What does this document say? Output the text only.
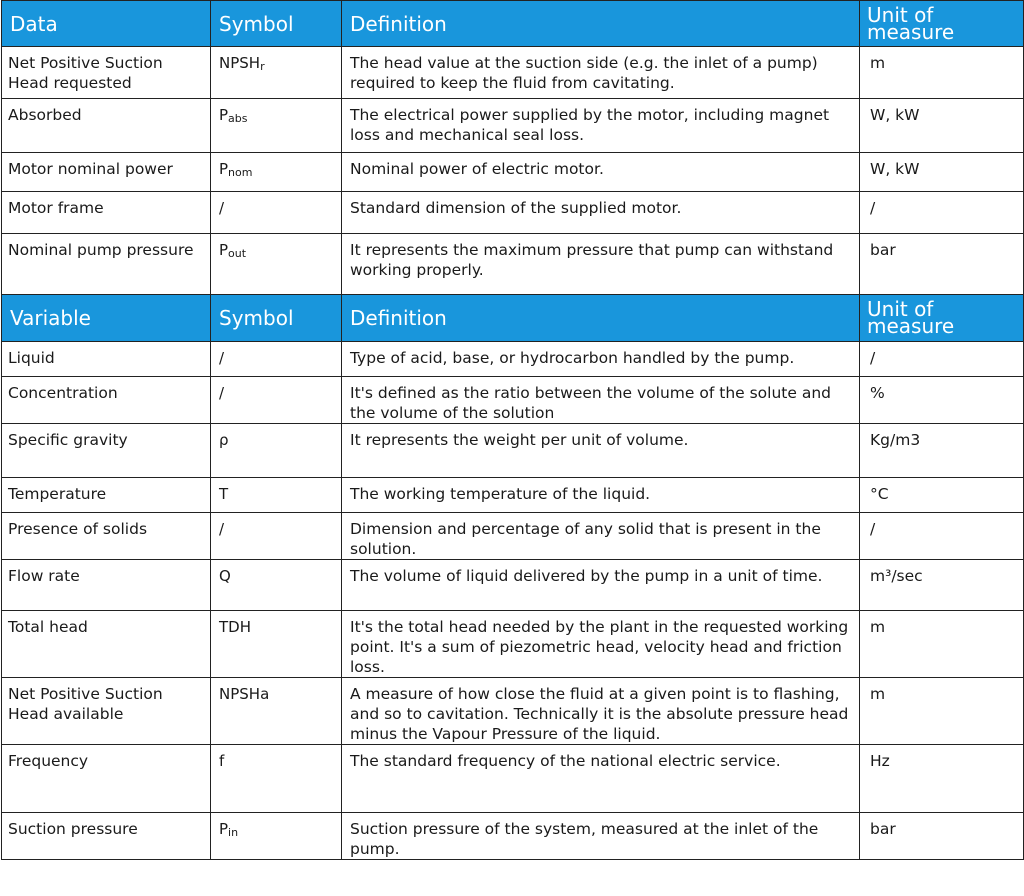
Data	Symbol	Definition	Unit of measure

Net Positive Suction Head requested	$NPSH_r$	The head value at the suction side (e.g. the inlet of a pump) required to keep the fluid from cavitating.	m

Absorbed	$P_{abs}$	The electrical power supplied by the motor, including magnet loss and mechanical seal loss.	W, kW

Motor nominal power	$P_{nom}$	Nominal power of electric motor.	W, kW

Motor frame	/	Standard dimension of the supplied motor.	/

Nominal pump pressure	$P_{out}$	It represents the maximum pressure that pump can withstand working properly.	bar

Variable	Symbol	Definition	Unit of measure

Liquid	/	Type of acid, base, or hydrocarbon handled by the pump.	/

Concentration	/	It's defined as the ratio between the volume of the solute and the volume of the solution	%

Specific gravity	ρ	It represents the weight per unit of volume.	Kg/m3

Temperature	T	The working temperature of the liquid.	°C

Presence of solids	/	Dimension and percentage of any solid that is present in the solution.	/

Flow rate	Q	The volume of liquid delivered by the pump in a unit of time.	m³/sec

Total head	TDH	It's the total head needed by the plant in the requested working point. It's a sum of piezometric head, velocity head and friction loss.	m

Net Positive Suction Head available	NPSHa	A measure of how close the fluid at a given point is to flashing, and so to cavitation. Technically it is the absolute pressure head minus the Vapour Pressure of the liquid.	m

Frequency	f	The standard frequency of the national electric service.	Hz

Suction pressure	$P_{in}$	Suction pressure of the system, measured at the inlet of the pump.	bar
